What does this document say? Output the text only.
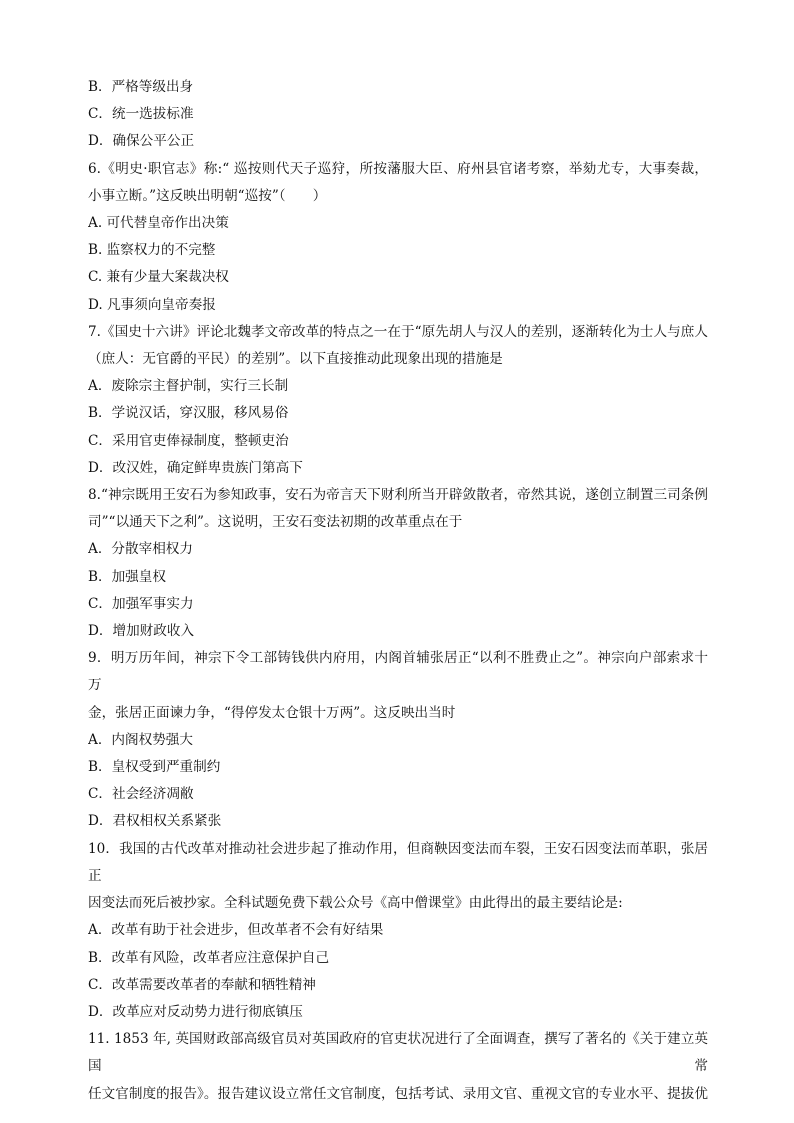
B．严格等级出身
C．统一选拔标准
D．确保公平公正
6.《明史·职官志》称:“ 巡按则代天子巡狩，所按藩服大臣、府州县官诸考察，举劾尤专，大事奏裁，
小事立断。”这反映出明朝“巡按”（　　）
A. 可代替皇帝作出决策
B. 监察权力的不完整
C. 兼有少量大案裁决权
D. 凡事须向皇帝奏报
7.《国史十六讲》评论北魏孝文帝改革的特点之一在于“原先胡人与汉人的差别，逐渐转化为士人与庶人
（庶人：无官爵的平民）的差别”。以下直接推动此现象出现的措施是
A．废除宗主督护制，实行三长制
B．学说汉话，穿汉服，移风易俗
C．采用官吏俸禄制度，整顿吏治
D．改汉姓，确定鲜卑贵族门第高下
8.“神宗既用王安石为参知政事，安石为帝言天下财利所当开辟敛散者，帝然其说，遂创立制置三司条例
司”“以通天下之利”。这说明，王安石变法初期的改革重点在于
A．分散宰相权力
B．加强皇权
C．加强军事实力
D．增加财政收入
9．明万历年间，神宗下令工部铸钱供内府用，内阁首辅张居正“以利不胜费止之”。神宗向户部索求十万
金，张居正面谏力争，“得停发太仓银十万两”。这反映出当时
A．内阁权势强大
B．皇权受到严重制约
C．社会经济凋敝
D．君权相权关系紧张
10．我国的古代改革对推动社会进步起了推动作用，但商鞅因变法而车裂，王安石因变法而革职，张居正
因变法而死后被抄家。全科试题免费下载公众号《高中僧课堂》由此得出的最主要结论是:
A．改革有助于社会进步，但改革者不会有好结果
B．改革有风险，改革者应注意保护自己
C．改革需要改革者的奉献和牺牲精神
D．改革应对反动势力进行彻底镇压
11. 1853 年, 英国财政部高级官员对英国政府的官吏状况进行了全面调查，撰写了著名的《关于建立英国常
任文官制度的报告》。报告建议设立常任文官制度，包括考试、录用文官、重视文官的专业水平、提拔优
